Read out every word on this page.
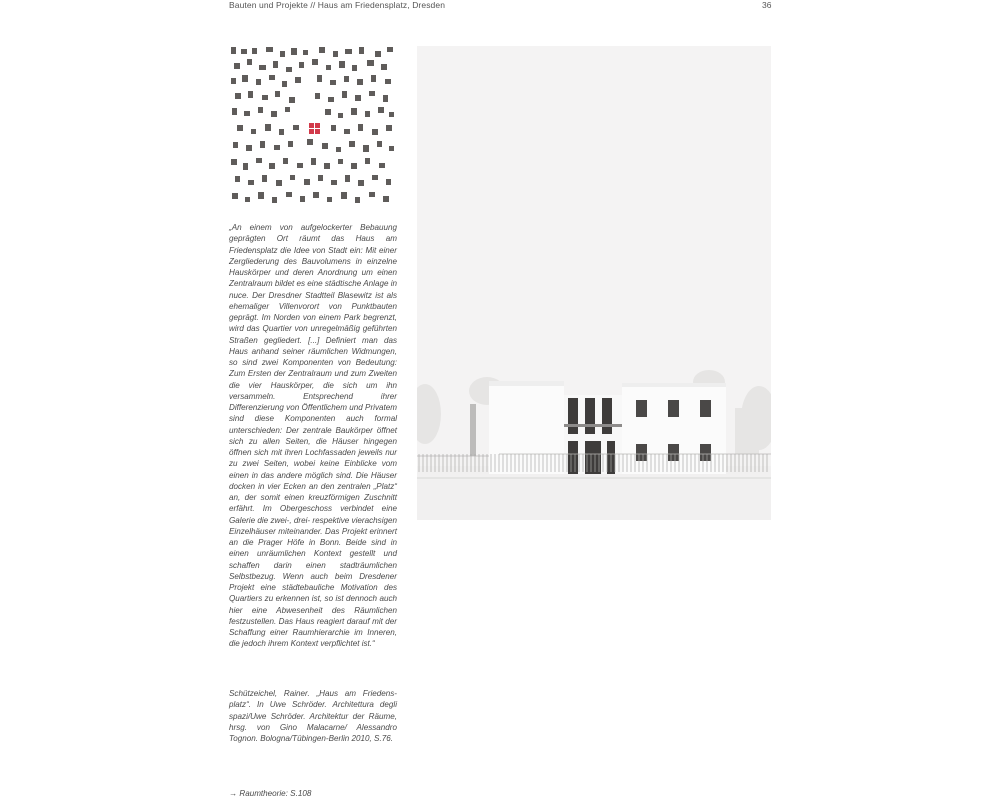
Bauten und Projekte // Haus am Friedensplatz, Dresden	36
„An einem von aufgelockerter Bebauung geprägten Ort räumt das Haus am Friedensplatz die Idee von Stadt ein: Mit einer Zergliederung des Bauvolumens in einzelne Hauskörper und deren Anordnung um einen Zentralraum bildet es eine städtische Anlage in nuce. Der Dresdner Stadtteil Blasewitz ist als ehemaliger Villenvorort von Punktbauten geprägt. Im Norden von einem Park begrenzt, wird das Quartier von unregelmäßig geführten Straßen gegliedert. [...] Definiert man das Haus anhand seiner räumlichen Widmungen, so sind zwei Komponenten von Bedeutung: Zum Ersten der Zentralraum und zum Zweiten die vier Hauskörper, die sich um ihn versammeln. Entsprechend ihrer Differenzierung von Öffentlichem und Privatem sind diese Komponenten auch formal unterschieden: Der zentrale Baukörper öffnet sich zu allen Seiten, die Häuser hingegen öffnen sich mit ihren Lochfassaden jeweils nur zu zwei Seiten, wobei keine Einblicke vom einen in das andere möglich sind. Die Häuser docken in vier Ecken an den zentralen „Platz“ an, der somit einen kreuzförmigen Zuschnitt erfährt. Im Obergeschoss verbindet eine Galerie die zwei-, drei- respektive vierachsigen Einzelhäuser miteinander. Das Projekt erinnert an die Prager Höfe in Bonn. Beide sind in einen unräumlichen Kontext gestellt und schaffen darin einen stadträumlichen Selbstbezug. Wenn auch beim Dresdener Projekt eine städtebauliche Motivation des Quartiers zu erkennen ist, so ist dennoch auch hier eine Abwesenheit des Räumlichen festzustellen. Das Haus reagiert darauf mit der Schaffung einer Raumhierarchie im Inneren, die jedoch ihrem Kontext verpflichtet ist.“
Schützeichel, Rainer. „Haus am Friedensplatz“. In Uwe Schröder. Architettura degli spazi/Uwe Schröder. Architektur der Räume, hrsg. von Gino Malacarne/ Alessandro Tognon. Bologna/Tübingen-Berlin 2010, S.76.
→ Raumtheorie: S.108
